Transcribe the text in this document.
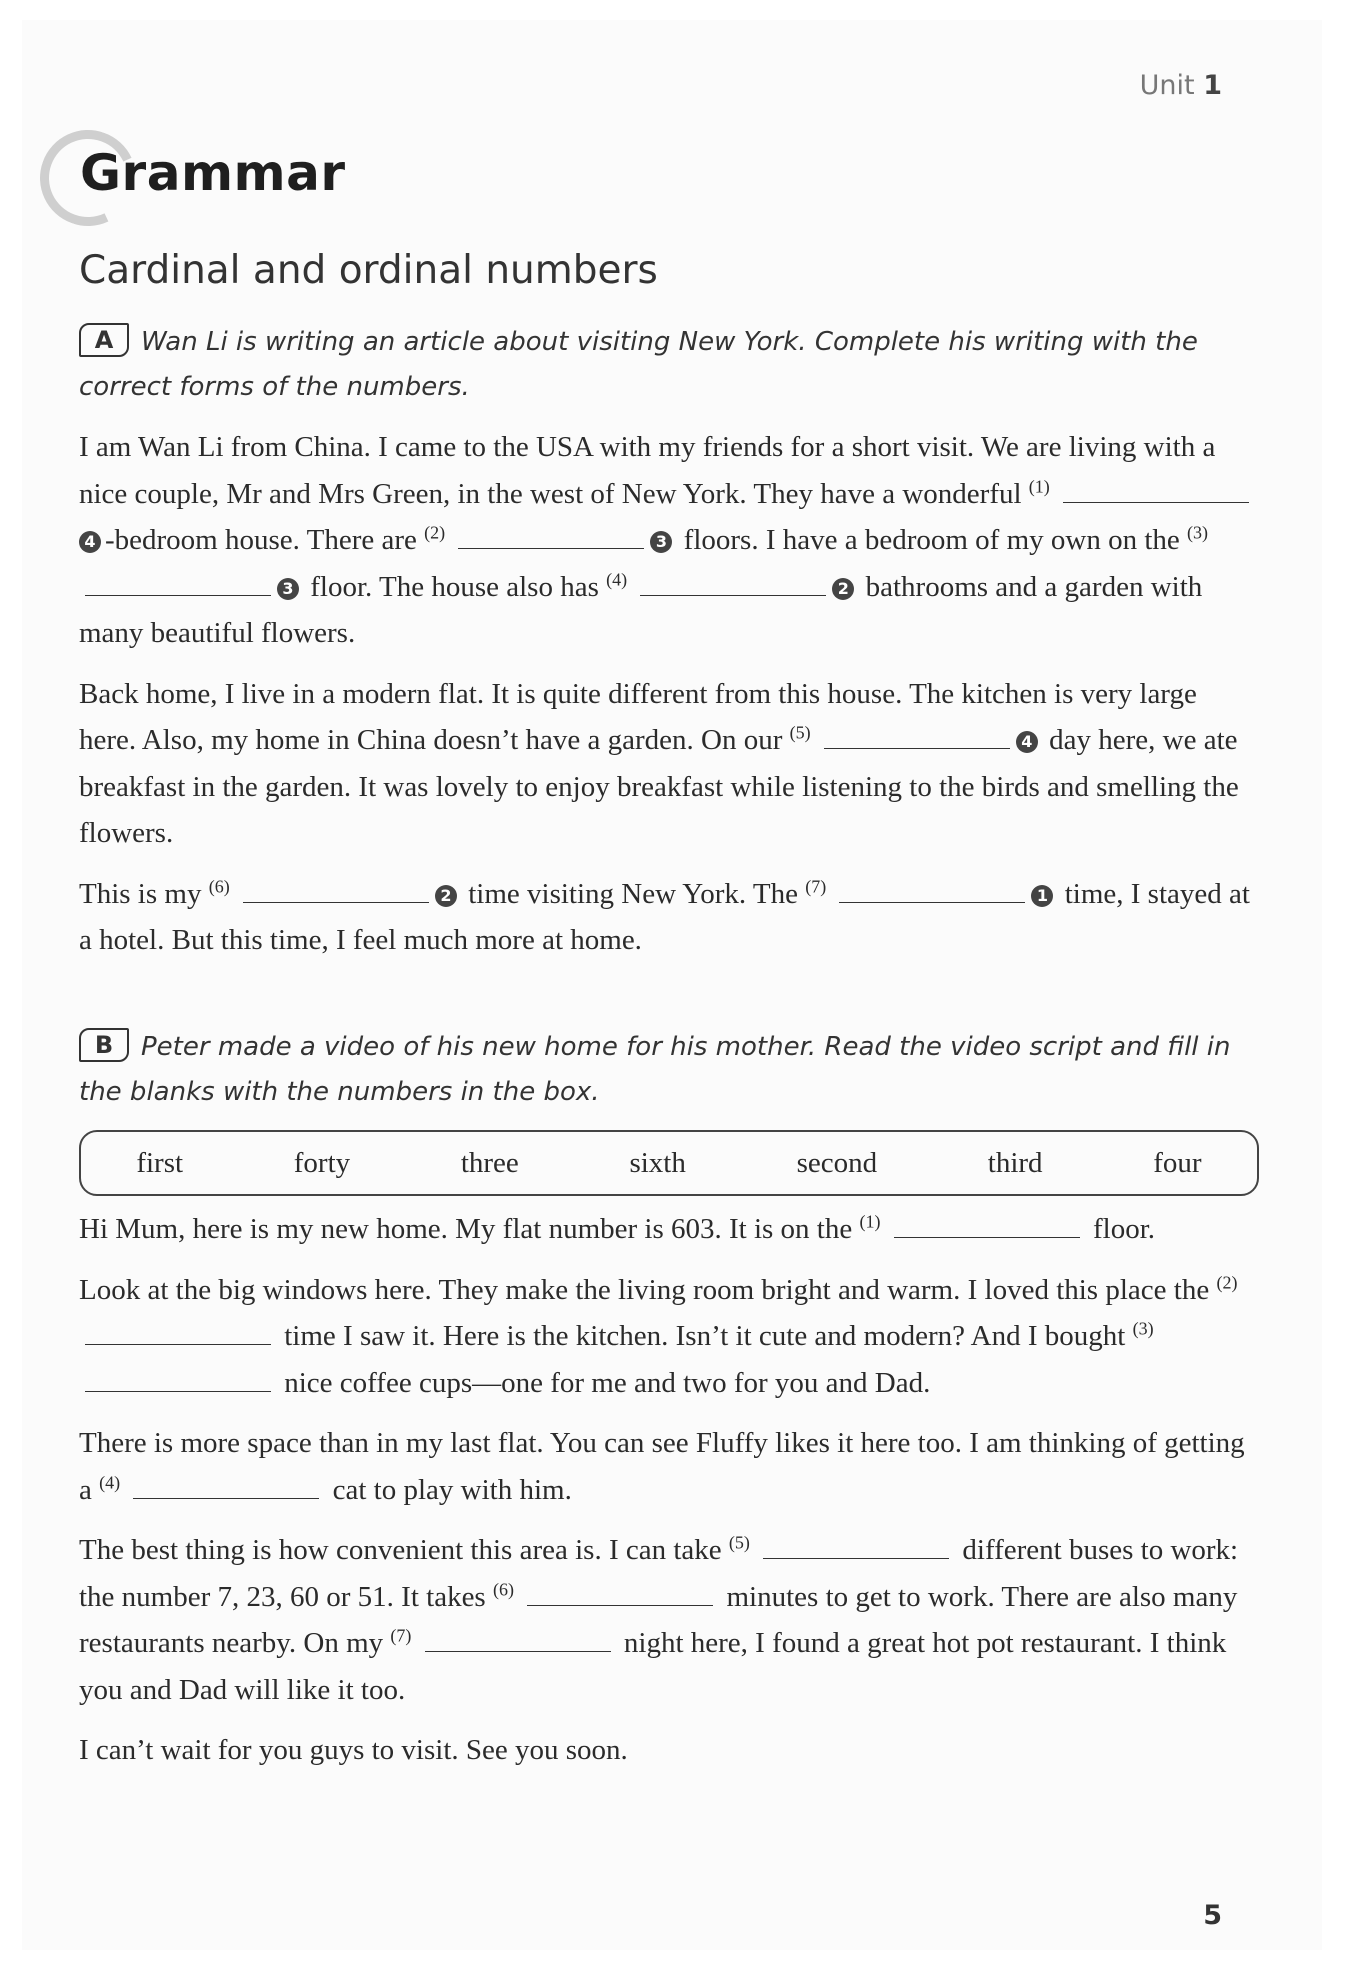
Unit 1
Grammar
Cardinal and ordinal numbers
A Wan Li is writing an article about visiting New York. Complete his writing with the correct forms of the numbers.

I am Wan Li from China. I came to the USA with my friends for a short visit. We are living with a nice couple, Mr and Mrs Green, in the west of New York. They have a wonderful $^{(1)}$ 4 -bedroom house. There are $^{(2)}$	3 floors. I have a bedroom of my own on the $^{(3)}$ 3 floor. The house also has $^{(4)}$	2 bathrooms and a garden with many beautiful flowers.

Back home, I live in a modern flat. It is quite different from this house. The kitchen is very large here. Also, my home in China doesn’t have a garden. On our $^{(5)}$	4 day here, we ate breakfast in the garden. It was lovely to enjoy breakfast while listening to the birds and smelling the flowers.

This is my $^{(6)}$	2 time visiting New York. The $^{(7)}$	1 time, I stayed at a hotel. But this time, I feel much more at home.

B Peter made a video of his new home for his mother. Read the video script and fill in the blanks with the numbers in the box.
first	forty	three	sixth	second	third	four

Hi Mum, here is my new home. My flat number is 603. It is on the $^{(1)}$	floor.

Look at the big windows here. They make the living room bright and warm. I loved this place the $^{(2)}$  time I saw it. Here is the kitchen. Isn’t it cute and modern? And I bought $^{(3)}$  nice coffee cups—one for me and two for you and Dad.

There is more space than in my last flat. You can see Fluffy likes it here too. I am thinking of getting a $^{(4)}$	cat to play with him.

The best thing is how convenient this area is. I can take $^{(5)}$	different buses to work: the number 7, 23, 60 or 51. It takes $^{(6)}$	minutes to get to work. There are also many restaurants nearby. On my $^{(7)}$	night here, I found a great hot pot restaurant. I think you and Dad will like it too.

I can’t wait for you guys to visit. See you soon.

5
